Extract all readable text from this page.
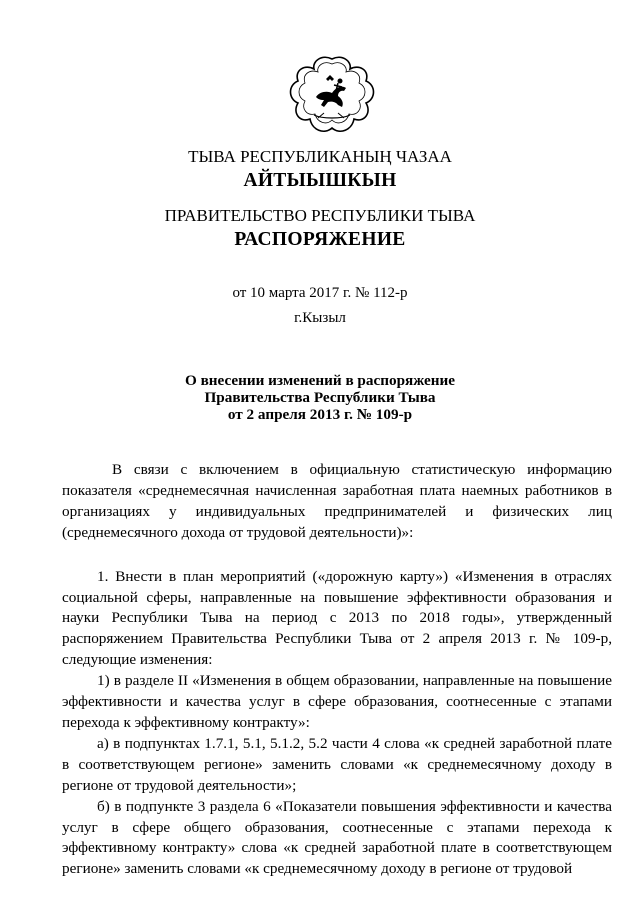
ТЫВА РЕСПУБЛИКАНЫҢ ЧАЗАА
АЙТЫЫШКЫН
ПРАВИТЕЛЬСТВО РЕСПУБЛИКИ ТЫВА
РАСПОРЯЖЕНИЕ
от 10 марта 2017 г. № 112-р
г.Кызыл
О внесении изменений в распоряжение
Правительства Республики Тыва
от 2 апреля 2013 г. № 109-р

В связи с включением в официальную статистическую информацию показателя «среднемесячная начисленная заработная плата наемных работников в организациях у индивидуальных предпринимателей и физических лиц (среднемесячного дохода от трудовой деятельности)»:

1. Внести в план мероприятий («дорожную карту») «Изменения в отраслях социальной сферы, направленные на повышение эффективности образования и науки Республики Тыва на период с 2013 по 2018 годы», утвержденный распоряжением Правительства Республики Тыва от 2 апреля 2013 г. № 109-р, следующие изменения:

1) в разделе II «Изменения в общем образовании, направленные на повышение эффективности и качества услуг в сфере образования, соотнесенные с этапами перехода к эффективному контракту»:

а) в подпунктах 1.7.1, 5.1, 5.1.2, 5.2 части 4 слова «к средней заработной плате в соответствующем регионе» заменить словами «к среднемесячному доходу в регионе от трудовой деятельности»;

б) в подпункте 3 раздела 6 «Показатели повышения эффективности и качества услуг в сфере общего образования, соотнесенные с этапами перехода к эффективному контракту» слова «к средней заработной плате в соответствующем регионе» заменить словами «к среднемесячному доходу в регионе от трудовой
